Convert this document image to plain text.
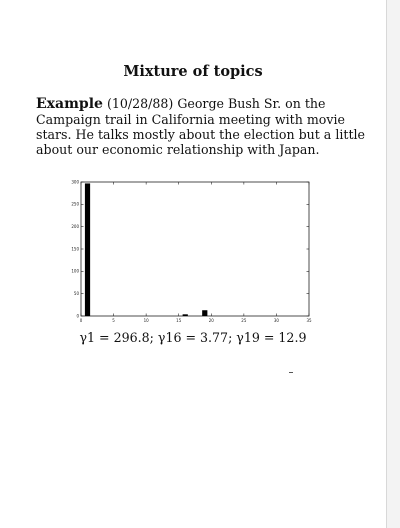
Mixture of topics
Example (10/28/88) George Bush Sr. on the Campaign trail in California meeting with movie stars. He talks mostly about the election but a little about our economic relationship with Japan.
0	5	10	15	20	25	30	35
0
50
100
150
200
250
300
γ1 = 296.8; γ16 = 3.77; γ19 = 12.9
